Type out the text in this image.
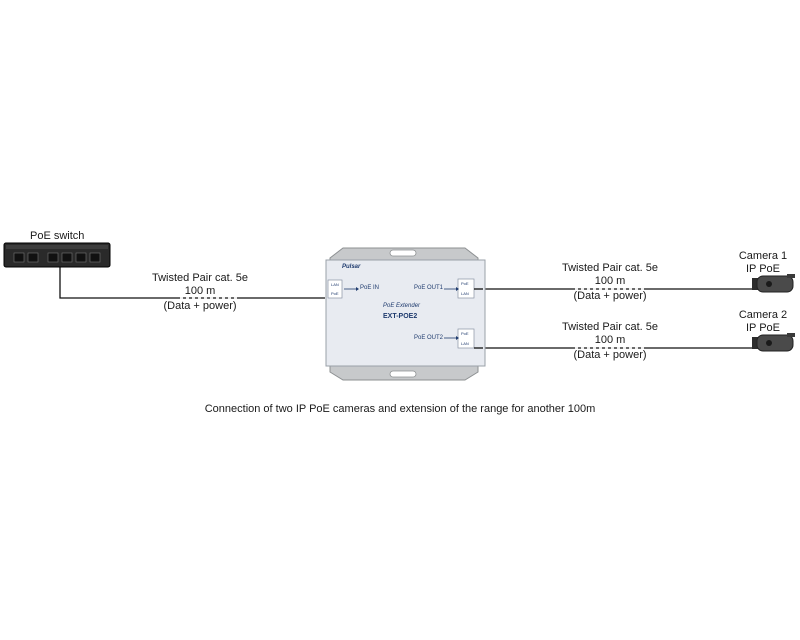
PoE switch
Twisted Pair cat. 5e
100 m
(Data + power)
Twisted Pair cat. 5e
100 m
(Data + power)
Twisted Pair cat. 5e
100 m
(Data + power)
Pulsar
PoE Extender
EXT-POE2
PoE IN	PoE OUT1
PoE OUT2
LAN
PoE
PoE
LAN
PoE
LAN
Camera 1
IP PoE
Camera 2
IP PoE
Connection of two IP PoE cameras and extension of the range for another 100m
